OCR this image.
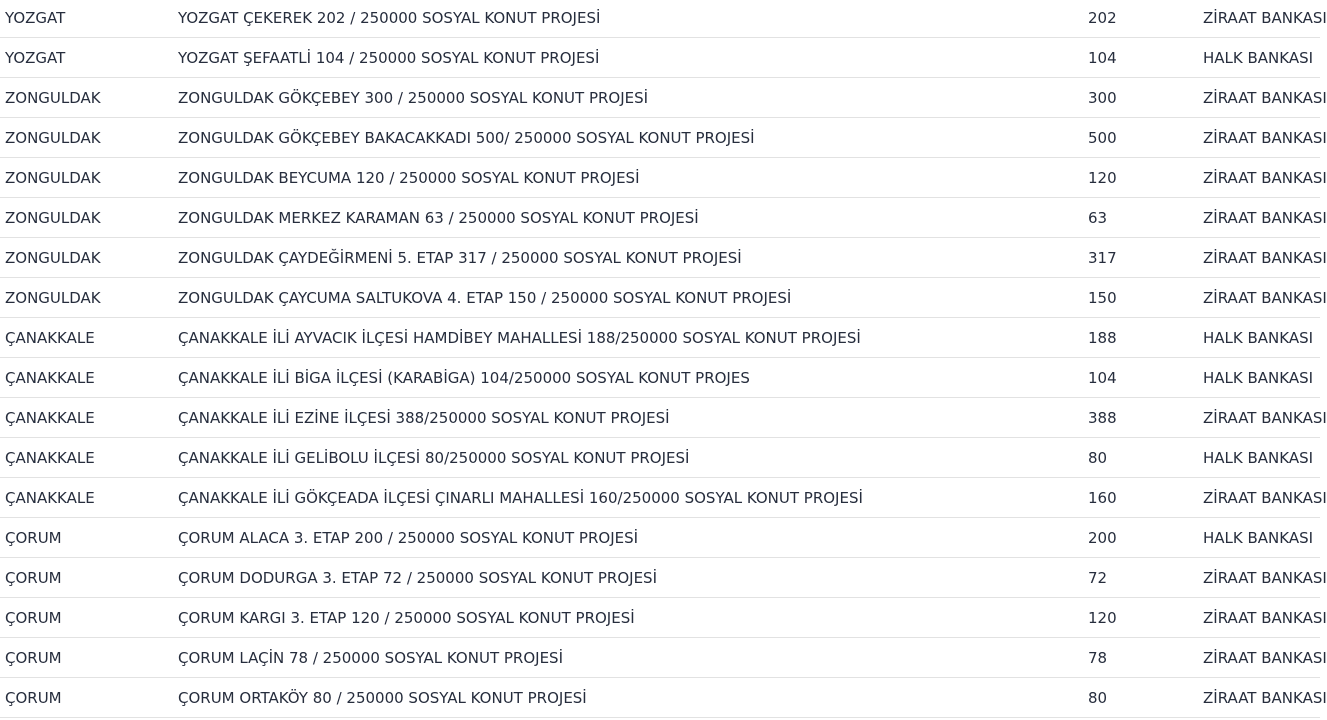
YOZGAT	YOZGAT ÇEKEREK 202 / 250000 SOSYAL KONUT PROJESİ	202	ZİRAAT BANKASI
YOZGAT	YOZGAT ŞEFAATLİ 104 / 250000 SOSYAL KONUT PROJESİ	104	HALK BANKASI
ZONGULDAK	ZONGULDAK GÖKÇEBEY 300 / 250000 SOSYAL KONUT PROJESİ	300	ZİRAAT BANKASI
ZONGULDAK	ZONGULDAK GÖKÇEBEY BAKACAKKADI 500/ 250000 SOSYAL KONUT PROJESİ	500	ZİRAAT BANKASI
ZONGULDAK	ZONGULDAK BEYCUMA 120 / 250000 SOSYAL KONUT PROJESİ	120	ZİRAAT BANKASI
ZONGULDAK	ZONGULDAK MERKEZ KARAMAN 63 / 250000 SOSYAL KONUT PROJESİ	63	ZİRAAT BANKASI
ZONGULDAK	ZONGULDAK ÇAYDEĞİRMENİ 5. ETAP 317 / 250000 SOSYAL KONUT PROJESİ	317	ZİRAAT BANKASI
ZONGULDAK	ZONGULDAK ÇAYCUMA SALTUKOVA 4. ETAP 150 / 250000 SOSYAL KONUT PROJESİ	150	ZİRAAT BANKASI
ÇANAKKALE	ÇANAKKALE İLİ AYVACIK İLÇESİ HAMDİBEY MAHALLESİ 188/250000 SOSYAL KONUT PROJESİ	188	HALK BANKASI
ÇANAKKALE	ÇANAKKALE İLİ BİGA İLÇESİ (KARABİGA) 104/250000 SOSYAL KONUT PROJES	104	HALK BANKASI
ÇANAKKALE	ÇANAKKALE İLİ EZİNE İLÇESİ 388/250000 SOSYAL KONUT PROJESİ	388	ZİRAAT BANKASI
ÇANAKKALE	ÇANAKKALE İLİ GELİBOLU İLÇESİ 80/250000 SOSYAL KONUT PROJESİ	80	HALK BANKASI
ÇANAKKALE	ÇANAKKALE İLİ GÖKÇEADA İLÇESİ ÇINARLI MAHALLESİ 160/250000 SOSYAL KONUT PROJESİ	160	ZİRAAT BANKASI
ÇORUM	ÇORUM ALACA 3. ETAP 200 / 250000 SOSYAL KONUT PROJESİ	200	HALK BANKASI
ÇORUM	ÇORUM DODURGA 3. ETAP 72 / 250000 SOSYAL KONUT PROJESİ	72	ZİRAAT BANKASI
ÇORUM	ÇORUM KARGI 3. ETAP 120 / 250000 SOSYAL KONUT PROJESİ	120	ZİRAAT BANKASI
ÇORUM	ÇORUM LAÇİN 78 / 250000 SOSYAL KONUT PROJESİ	78	ZİRAAT BANKASI
ÇORUM	ÇORUM ORTAKÖY 80 / 250000 SOSYAL KONUT PROJESİ	80	ZİRAAT BANKASI
